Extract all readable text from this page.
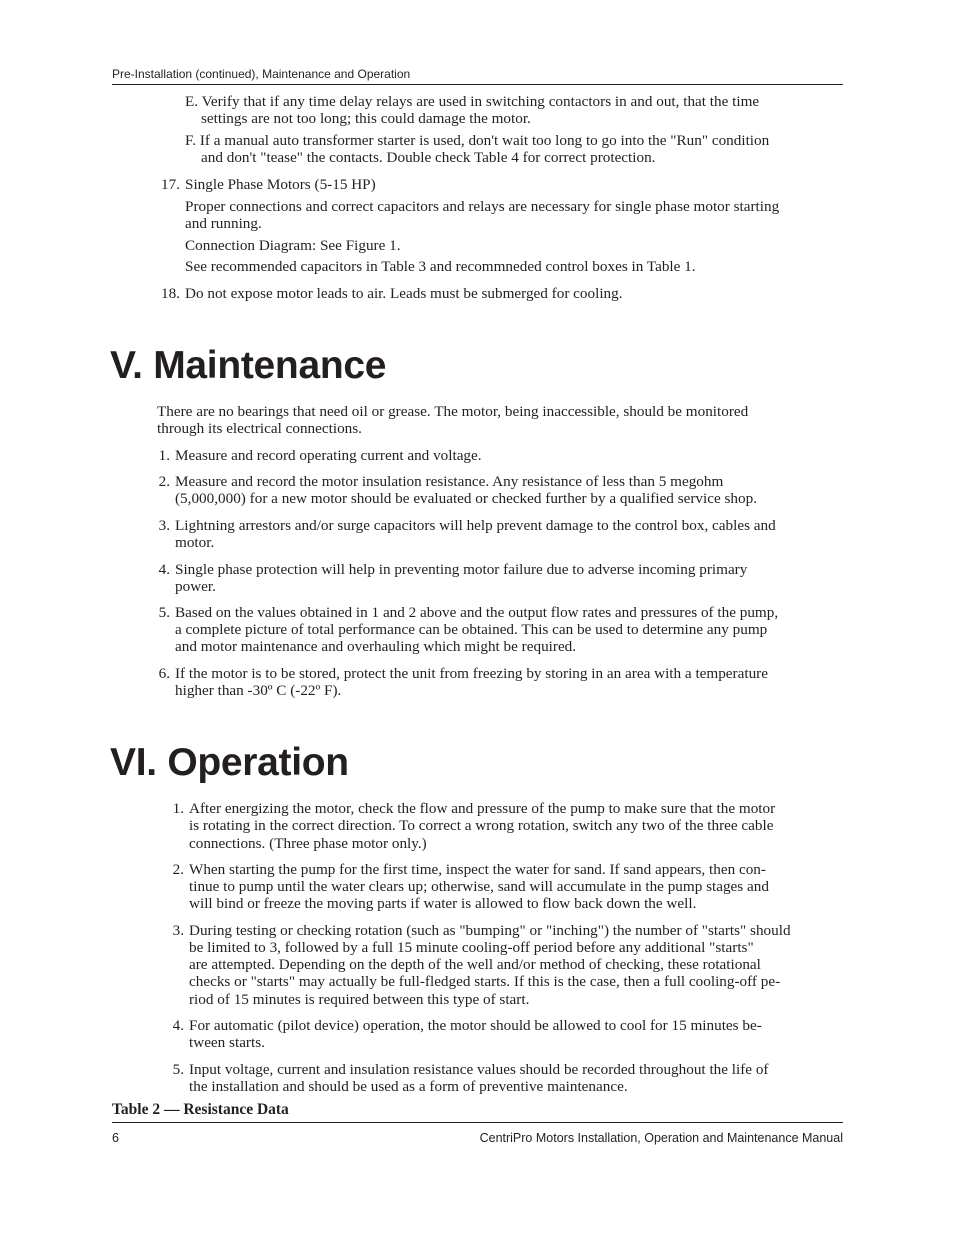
Pre-Installation (continued), Maintenance and Operation
E. Verify that if any time delay relays are used in switching contactors in and out, that the time
settings are not too long; this could damage the motor.
F. If a manual auto transformer starter is used, don't wait too long to go into the "Run" condition
and don't "tease" the contacts. Double check Table 4 for correct protection.
17. Single Phase Motors (5-15 HP)
Proper connections and correct capacitors and relays are necessary for single phase motor starting
and running.
Connection Diagram: See Figure 1.
See recommended capacitors in Table 3 and recommneded control boxes in Table 1.
18. Do not expose motor leads to air. Leads must be submerged for cooling.
V. Maintenance
There are no bearings that need oil or grease. The motor, being inaccessible, should be monitored
through its electrical connections.
1. Measure and record operating current and voltage.
2. Measure and record the motor insulation resistance. Any resistance of less than 5 megohm
(5,000,000) for a new motor should be evaluated or checked further by a qualified service shop.
3. Lightning arrestors and/or surge capacitors will help prevent damage to the control box, cables and
motor.
4. Single phase protection will help in preventing motor failure due to adverse incoming primary
power.
5. Based on the values obtained in 1 and 2 above and the output flow rates and pressures of the pump,
a complete picture of total performance can be obtained. This can be used to determine any pump
and motor maintenance and overhauling which might be required.
6. If the motor is to be stored, protect the unit from freezing by storing in an area with a temperature
higher than -30º C (-22º F).
VI. Operation
1. After energizing the motor, check the flow and pressure of the pump to make sure that the motor
is rotating in the correct direction. To correct a wrong rotation, switch any two of the three cable
connections. (Three phase motor only.)
2. When starting the pump for the first time, inspect the water for sand. If sand appears, then con-
tinue to pump until the water clears up; otherwise, sand will accumulate in the pump stages and
will bind or freeze the moving parts if water is allowed to flow back down the well.
3. During testing or checking rotation (such as "bumping" or "inching") the number of "starts" should
be limited to 3, followed by a full 15 minute cooling-off period before any additional "starts"
are attempted. Depending on the depth of the well and/or method of checking, these rotational
checks or "starts" may actually be full-fledged starts. If this is the case, then a full cooling-off pe-
riod of 15 minutes is required between this type of start.
4. For automatic (pilot device) operation, the motor should be allowed to cool for 15 minutes be-
tween starts.
5. Input voltage, current and insulation resistance values should be recorded throughout the life of
the installation and should be used as a form of preventive maintenance.
Table 2 — Resistance Data
6	CentriPro Motors Installation, Operation and Maintenance Manual
